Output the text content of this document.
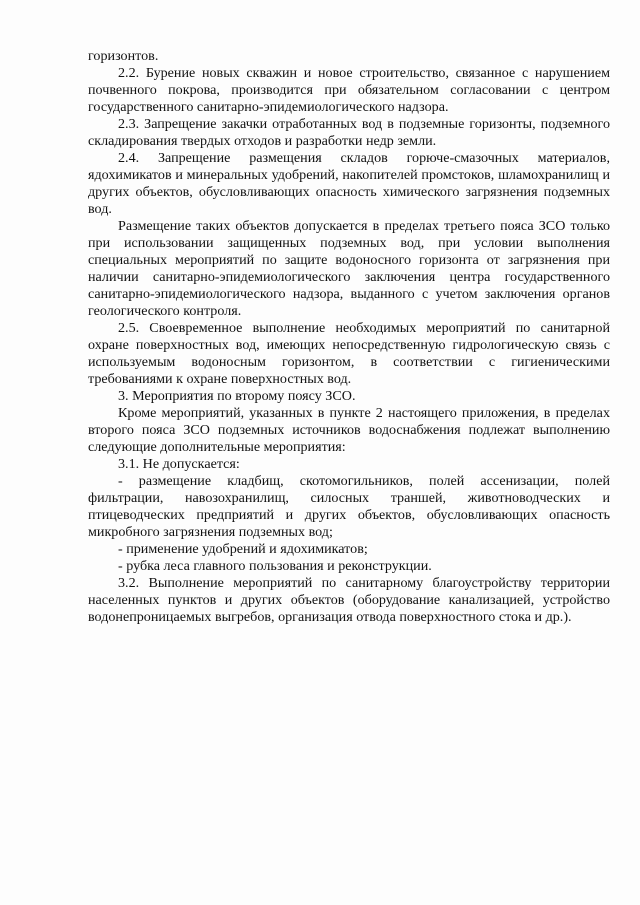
горизонтов.

2.2. Бурение новых скважин и новое строительство, связанное с нарушением почвенного покрова, производится при обязательном согласовании с центром государственного санитарно-эпидемиологического надзора.

2.3. Запрещение закачки отработанных вод в подземные горизонты, подземного складирования твердых отходов и разработки недр земли.

2.4. Запрещение размещения складов горюче-смазочных материалов, ядохимикатов и минеральных удобрений, накопителей промстоков, шламохранилищ и других объектов, обусловливающих опасность химического загрязнения подземных вод.

Размещение таких объектов допускается в пределах третьего пояса ЗСО только при использовании защищенных подземных вод, при условии выполнения специальных мероприятий по защите водоносного горизонта от загрязнения при наличии санитарно-эпидемиологического заключения центра государственного санитарно-эпидемиологического надзора, выданного с учетом заключения органов геологического контроля.

2.5. Своевременное выполнение необходимых мероприятий по санитарной охране поверхностных вод, имеющих непосредственную гидрологическую связь с используемым водоносным горизонтом, в соответствии с гигиеническими требованиями к охране поверхностных вод.

3. Мероприятия по второму поясу ЗСО.

Кроме мероприятий, указанных в пункте 2 настоящего приложения, в пределах второго пояса ЗСО подземных источников водоснабжения подлежат выполнению следующие дополнительные мероприятия:

3.1. Не допускается:

- размещение кладбищ, скотомогильников, полей ассенизации, полей фильтрации, навозохранилищ, силосных траншей, животноводческих и птицеводческих предприятий и других объектов, обусловливающих опасность микробного загрязнения подземных вод;

- применение удобрений и ядохимикатов;

- рубка леса главного пользования и реконструкции.

3.2. Выполнение мероприятий по санитарному благоустройству территории населенных пунктов и других объектов (оборудование канализацией, устройство водонепроницаемых выгребов, организация отвода поверхностного стока и др.).
